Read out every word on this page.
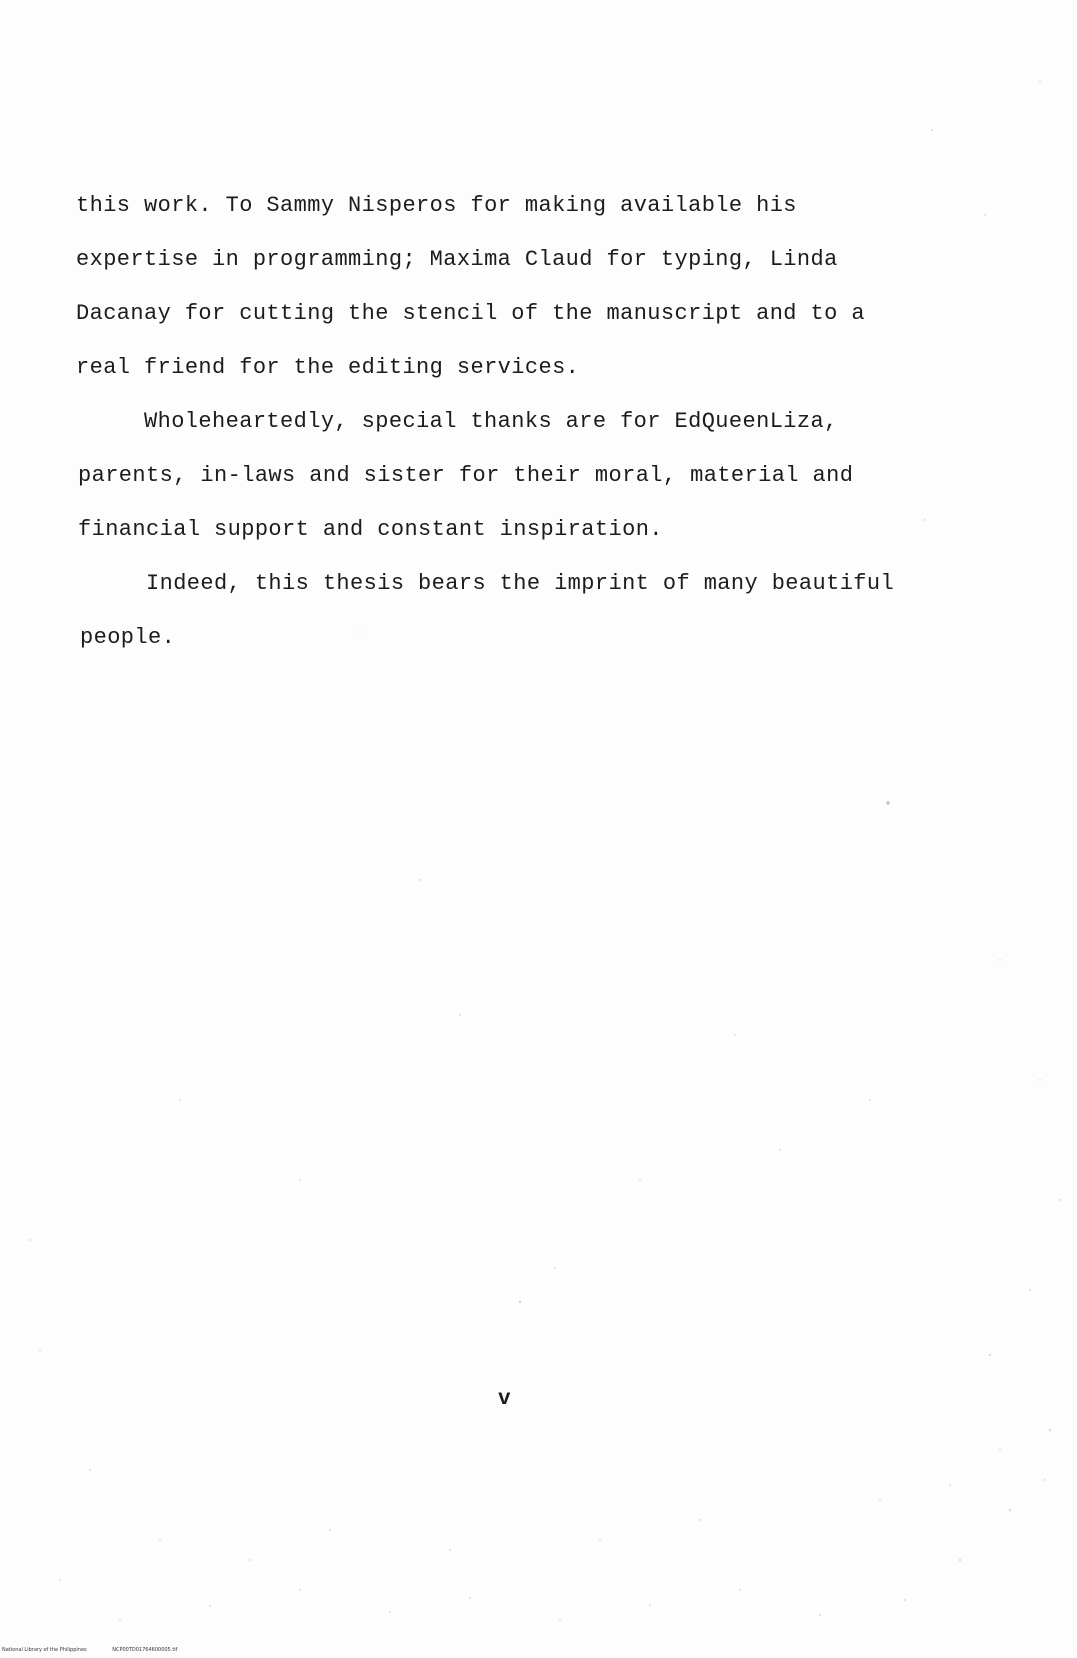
this work. To Sammy Nisperos for making available his
expertise in programming; Maxima Claud for typing, Linda
Dacanay for cutting the stencil of the manuscript and to a
real friend for the editing services.
Wholeheartedly, special thanks are for EdQueenLiza,
parents, in-laws and sister for their moral, material and
financial support and constant inspiration.
Indeed, this thesis bears the imprint of many beautiful
people.
v
National Library of the Philippines	NCP00TD01764600005.tif
